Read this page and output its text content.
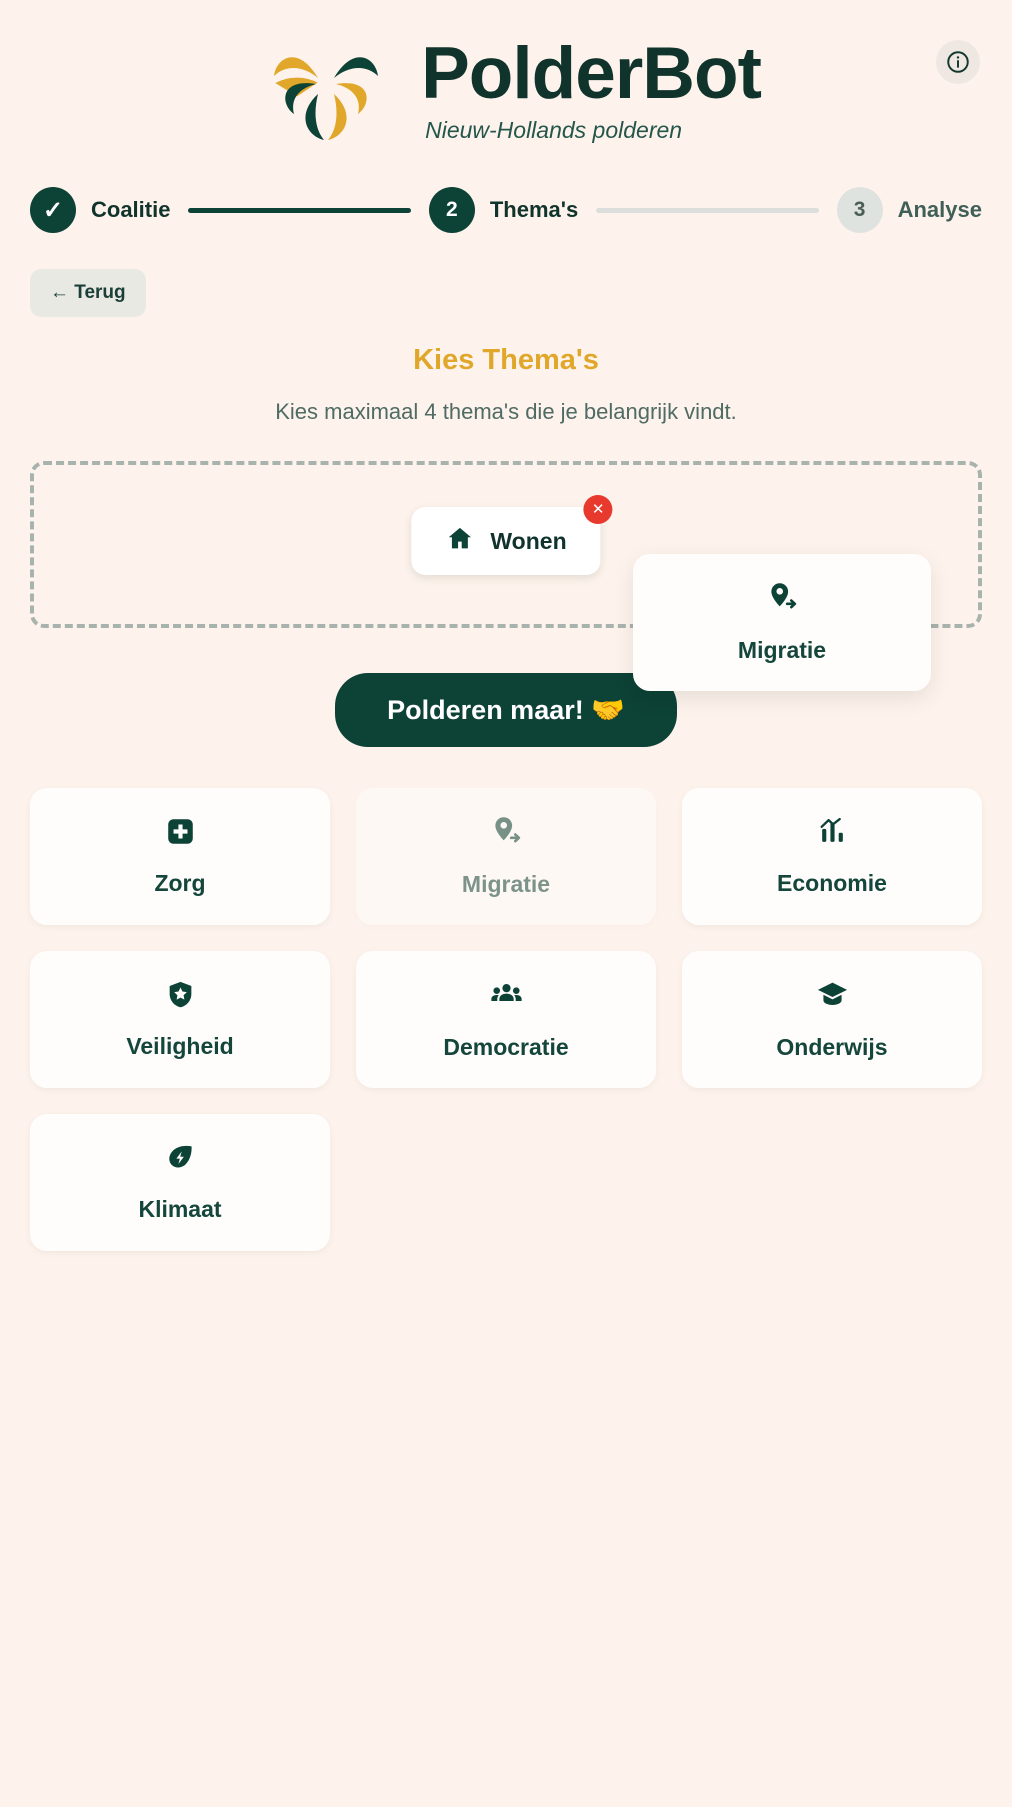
PolderBot
Nieuw-Hollands polderen
✓	Coalitie	2	Thema's	3	Analyse
← Terug
Kies Thema's
Kies maximaal 4 thema's die je belangrijk vindt.
Wonen
✕
Migratie
Polderen maar! 🤝
Zorg	Migratie	Economie
Veiligheid	Democratie	Onderwijs
Klimaat
